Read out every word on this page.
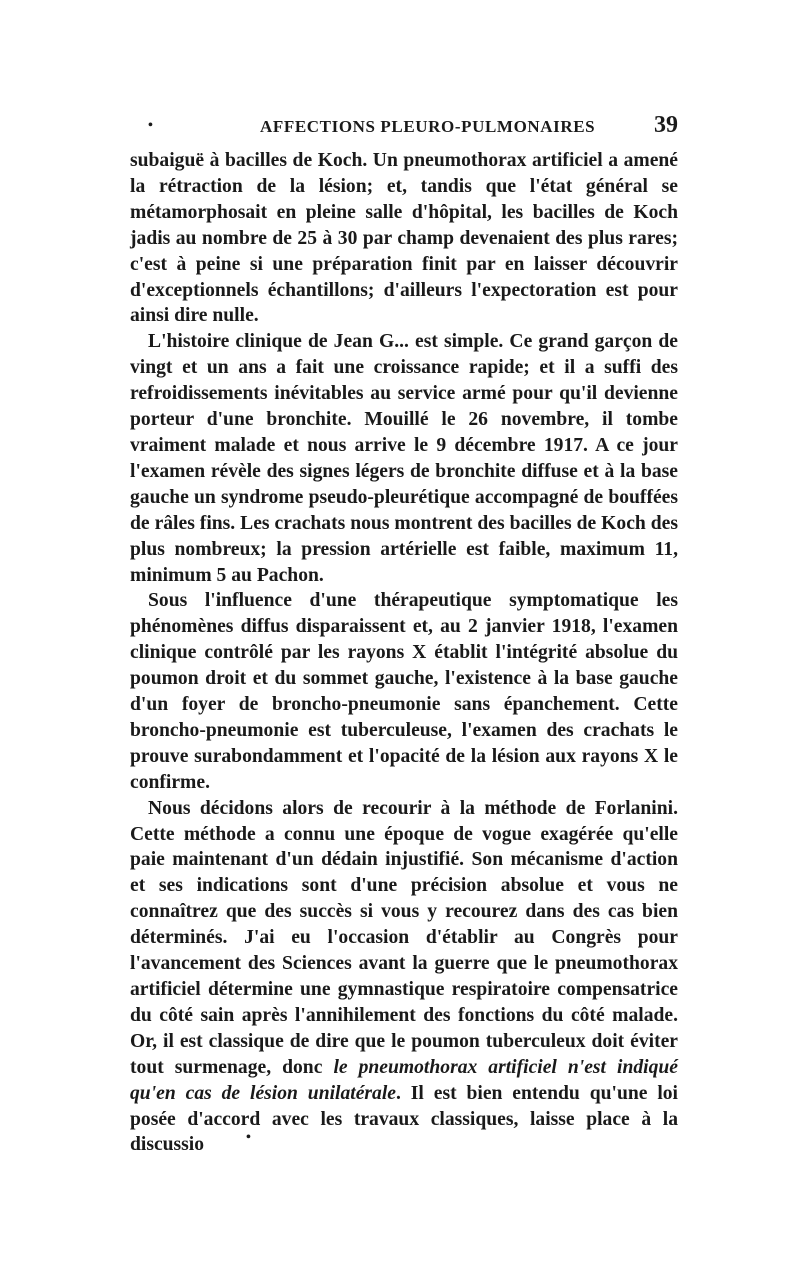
•	AFFECTIONS PLEURO-PULMONAIRES 39

subaiguë à bacilles de Koch. Un pneumothorax artificiel a amené la rétraction de la lésion; et, tandis que l'état général se métamorphosait en pleine salle d'hôpital, les bacilles de Koch jadis au nombre de 25 à 30 par champ devenaient des plus rares; c'est à peine si une préparation finit par en laisser découvrir d'exceptionnels échantillons; d'ailleurs l'expectoration est pour ainsi dire nulle.

L'histoire clinique de Jean G... est simple. Ce grand garçon de vingt et un ans a fait une croissance rapide; et il a suffi des refroidissements inévitables au service armé pour qu'il devienne porteur d'une bronchite. Mouillé le 26 novembre, il tombe vraiment malade et nous arrive le 9 décembre 1917. A ce jour l'examen révèle des signes légers de bronchite diffuse et à la base gauche un syndrome pseudo-pleurétique accompagné de bouffées de râles fins. Les crachats nous montrent des bacilles de Koch des plus nombreux; la pression artérielle est faible, maximum 11, minimum 5 au Pachon.

Sous l'influence d'une thérapeutique symptomatique les phénomènes diffus disparaissent et, au 2 janvier 1918, l'examen clinique contrôlé par les rayons X établit l'intégrité absolue du poumon droit et du sommet gauche, l'existence à la base gauche d'un foyer de broncho-pneumonie sans épanchement. Cette broncho-pneumonie est tuberculeuse, l'examen des crachats le prouve surabondamment et l'opacité de la lésion aux rayons X le confirme.

Nous décidons alors de recourir à la méthode de Forlanini. Cette méthode a connu une époque de vogue exagérée qu'elle paie maintenant d'un dédain injustifié. Son mécanisme d'action et ses indications sont d'une précision absolue et vous ne connaîtrez que des succès si vous y recourez dans des cas bien déterminés. J'ai eu l'occasion d'établir au Congrès pour l'avancement des Sciences avant la guerre que le pneumothorax artificiel détermine une gymnastique respiratoire compensatrice du côté sain après l'annihilement des fonctions du côté malade. Or, il est classique de dire que le poumon tuberculeux doit éviter tout surmenage, donc le pneumothorax artificiel n'est indiqué qu'en cas de lésion unilatérale. Il est bien entendu qu'une loi posée d'accord avec les travaux classiques, laisse place à la discussio	•
